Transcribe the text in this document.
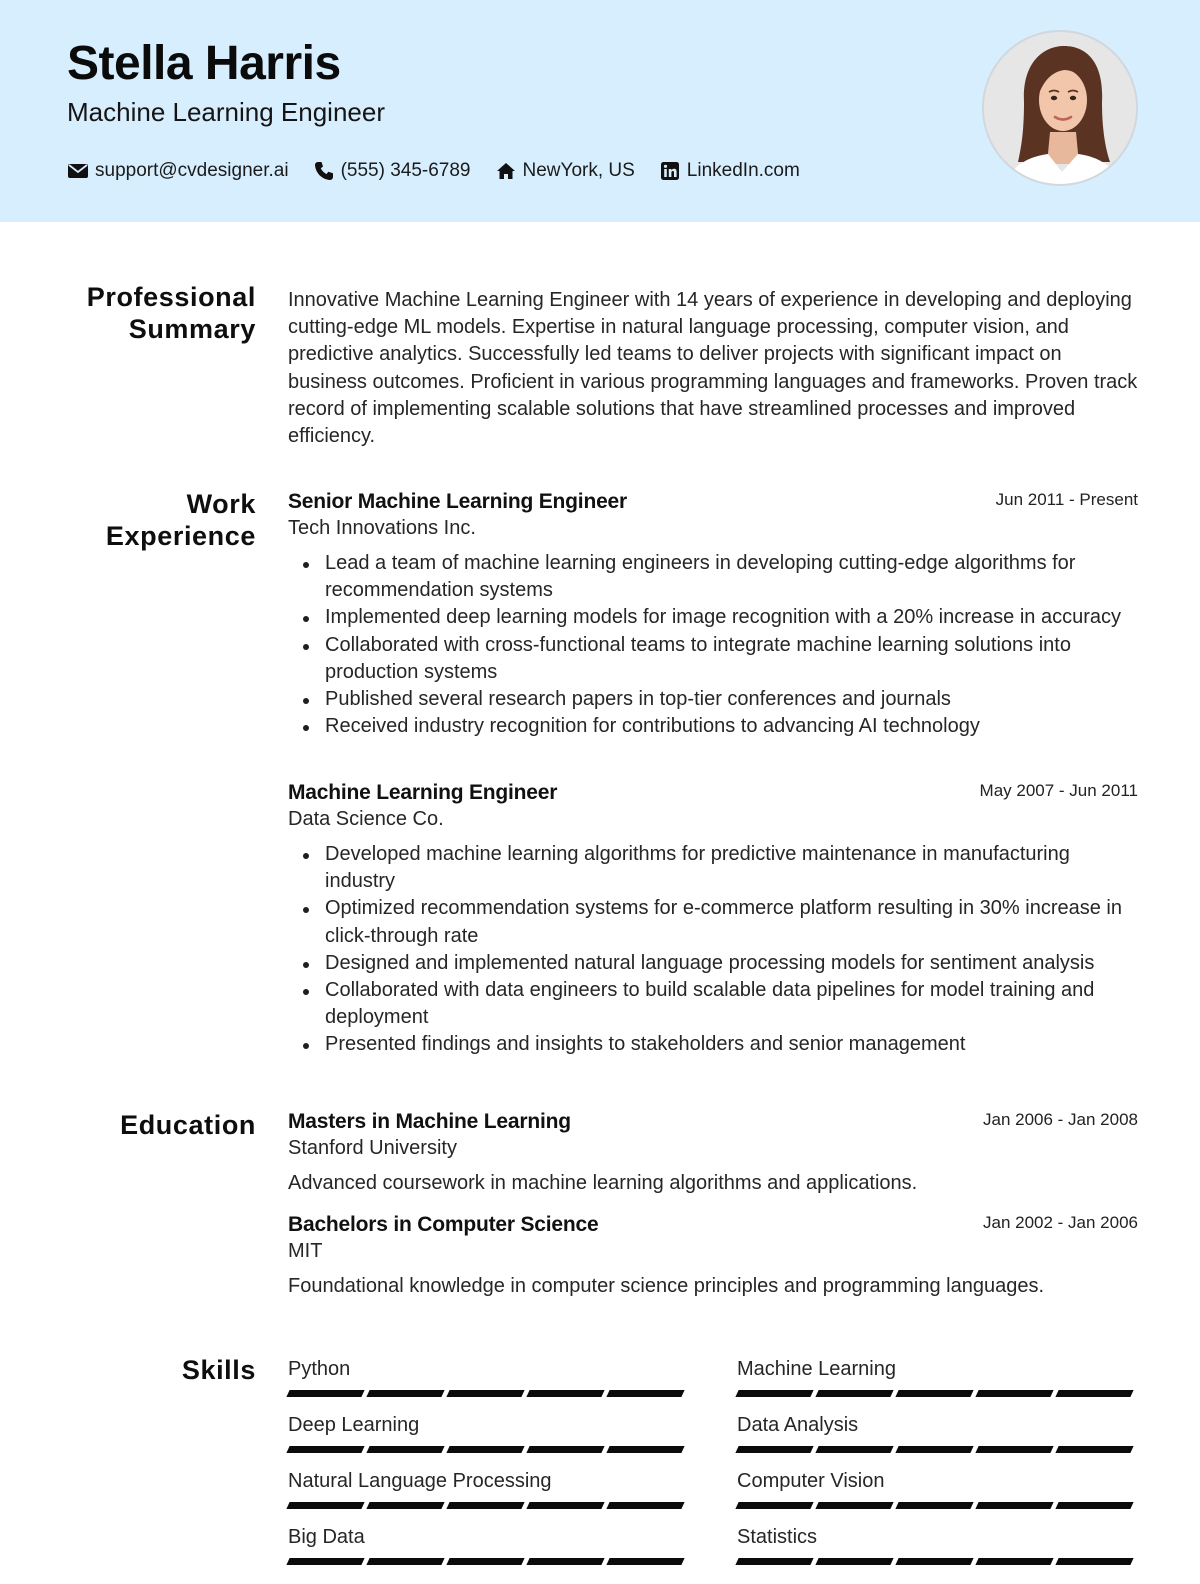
Stella Harris
Machine Learning Engineer
support@cvdesigner.ai	(555) 345-6789	NewYork, US	LinkedIn.com
Professional
Summary
Innovative Machine Learning Engineer with 14 years of experience in developing and deploying cutting-edge ML models. Expertise in natural language processing, computer vision, and predictive analytics. Successfully led teams to deliver projects with significant impact on business outcomes. Proficient in various programming languages and frameworks. Proven track record of implementing scalable solutions that have streamlined processes and improved efficiency.
Work
Experience
Senior Machine Learning Engineer	Jun 2011 - Present
Tech Innovations Inc.
Lead a team of machine learning engineers in developing cutting-edge algorithms for recommendation systems
Implemented deep learning models for image recognition with a 20% increase in accuracy
Collaborated with cross-functional teams to integrate machine learning solutions into production systems
Published several research papers in top-tier conferences and journals
Received industry recognition for contributions to advancing AI technology
Machine Learning Engineer	May 2007 - Jun 2011
Data Science Co.
Developed machine learning algorithms for predictive maintenance in manufacturing industry
Optimized recommendation systems for e-commerce platform resulting in 30% increase in click-through rate
Designed and implemented natural language processing models for sentiment analysis
Collaborated with data engineers to build scalable data pipelines for model training and deployment
Presented findings and insights to stakeholders and senior management
Education Masters in Machine Learning	Jan 2006 - Jan 2008
Stanford University
Advanced coursework in machine learning algorithms and applications.
Bachelors in Computer Science	Jan 2002 - Jan 2006
MIT
Foundational knowledge in computer science principles and programming languages.
Skills Python	Machine Learning
Deep Learning	Data Analysis
Natural Language Processing	Computer Vision
Big Data	Statistics
